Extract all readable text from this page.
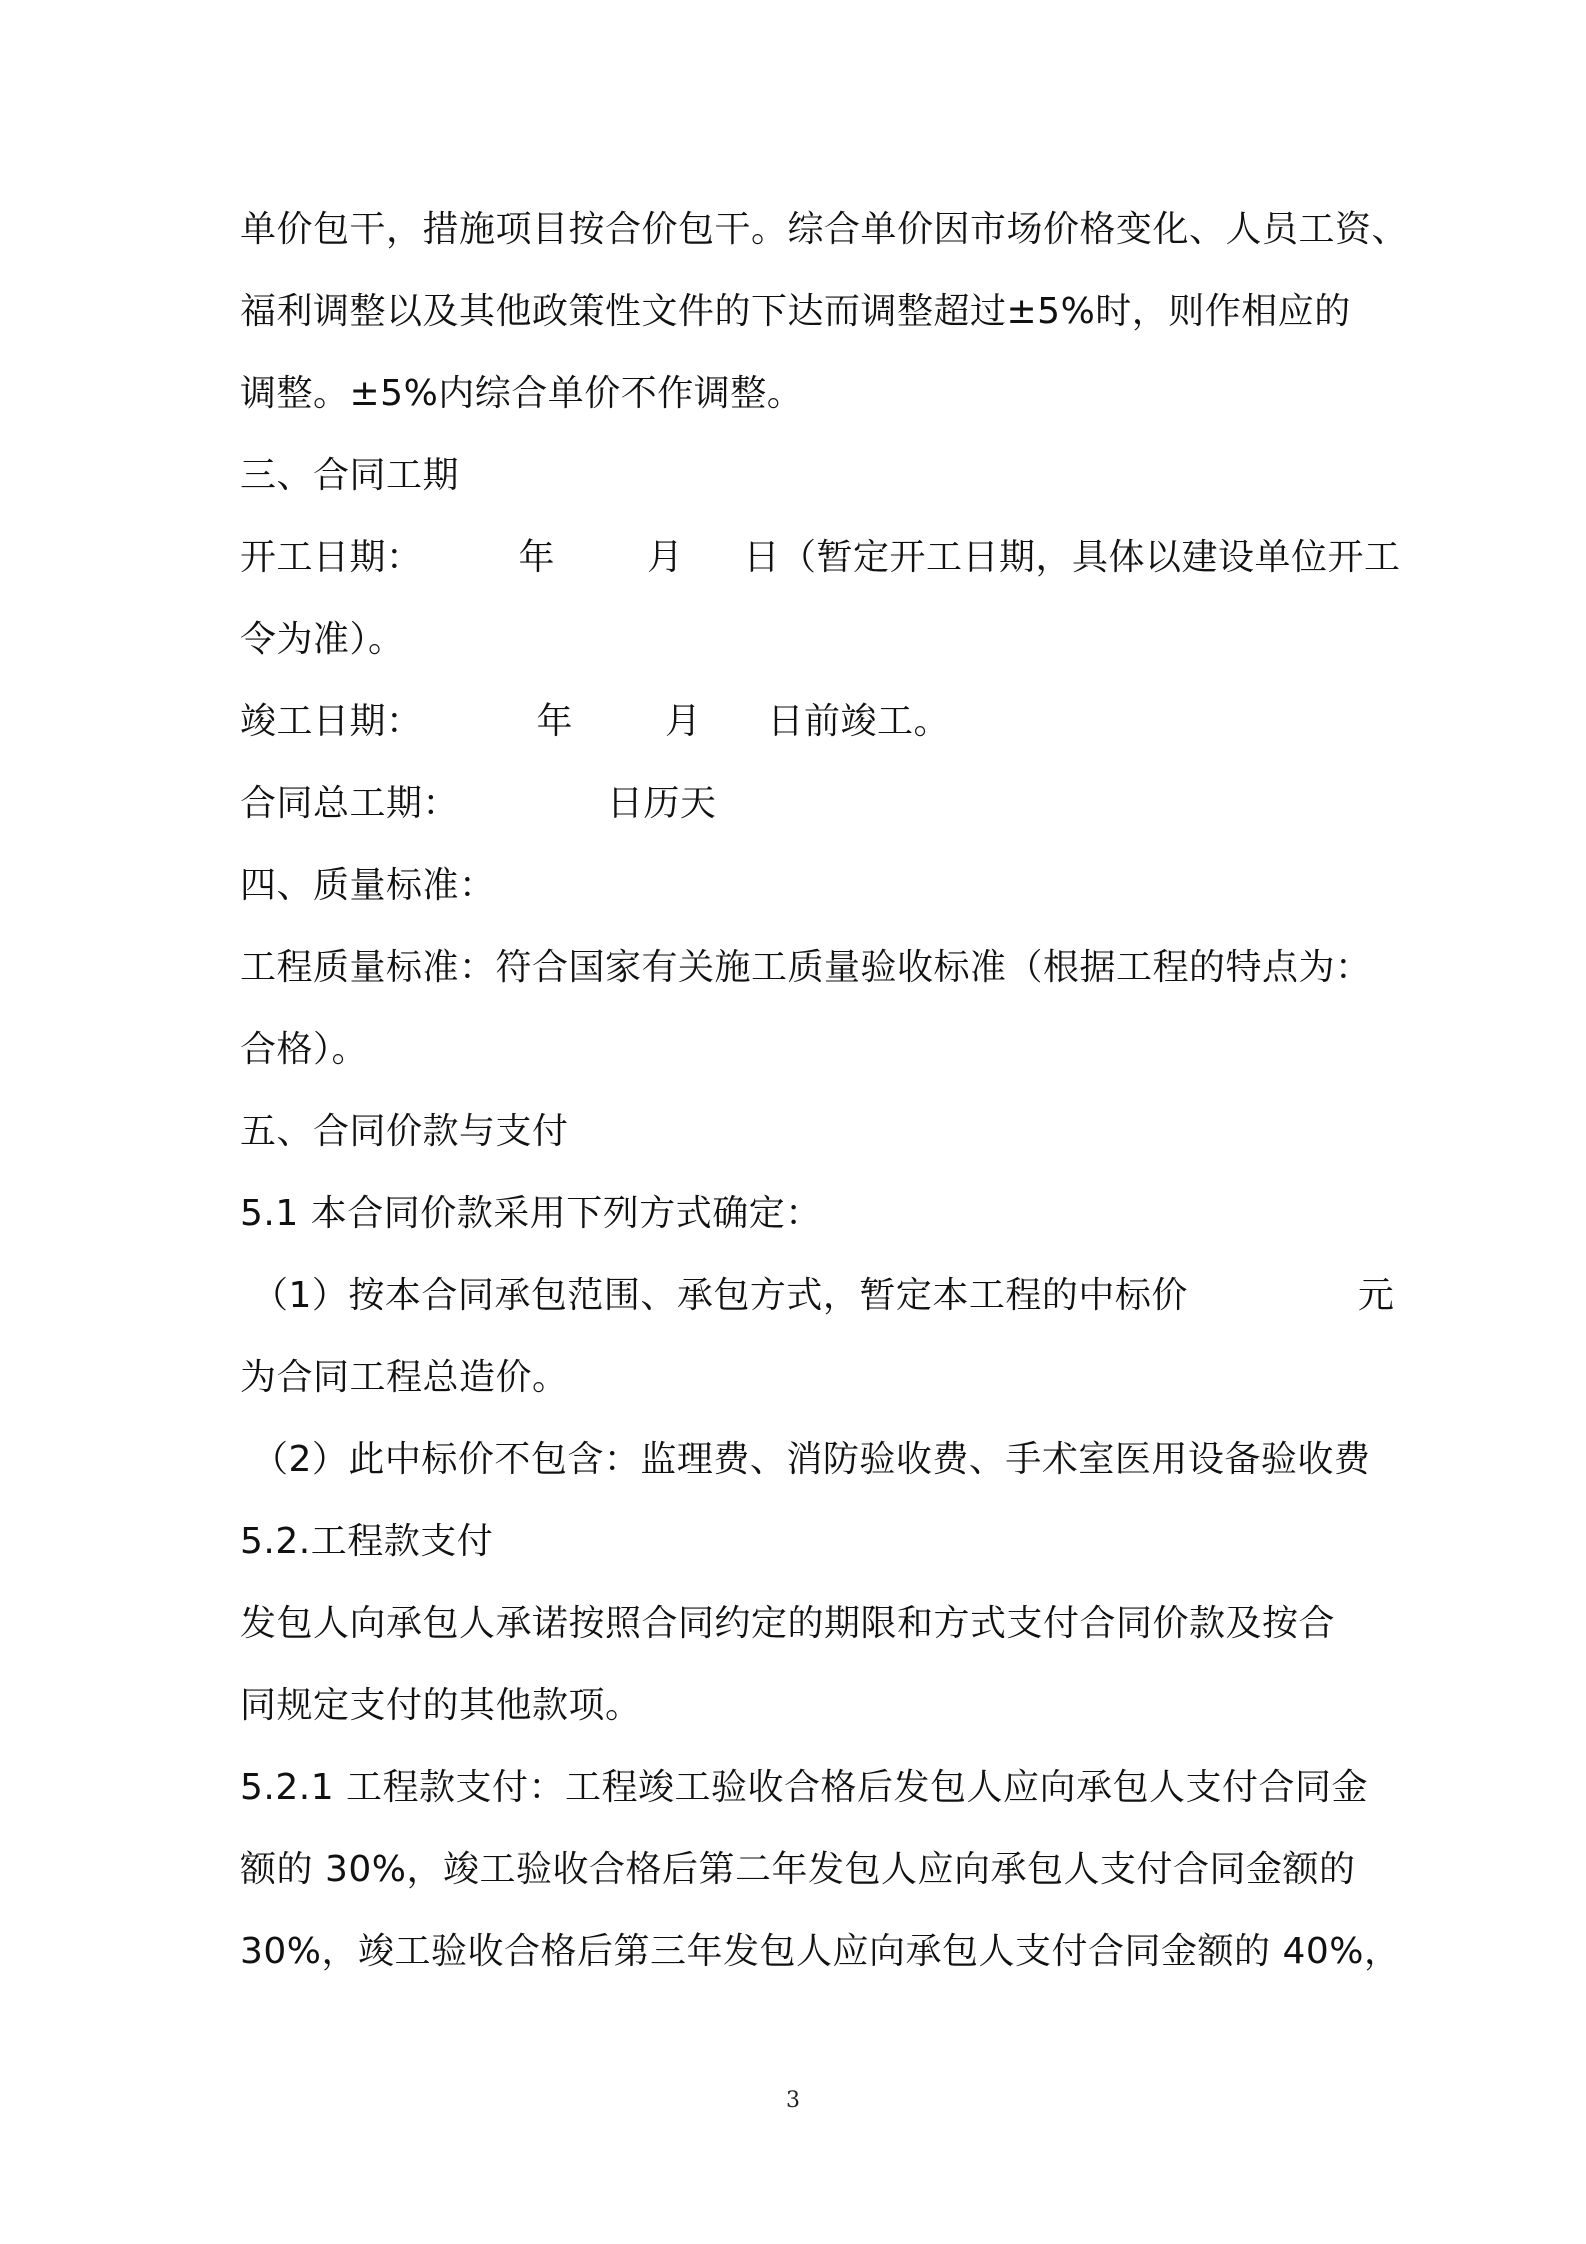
单价包干，措施项目按合价包干。综合单价因市场价格变化、人员工资、
福利调整以及其他政策性文件的下达而调整超过±5%时，则作相应的
调整。±5%内综合单价不作调整。
三、合同工期
开工日期：	年	月 日（暂定开工日期，具体以建设单位开工
令为准）。
竣工日期：	年	月 日前竣工。
合同总工期：	日历天
四、质量标准：
工程质量标准：符合国家有关施工质量验收标准（根据工程的特点为：
合格）。
五、合同价款与支付
5.1 本合同价款采用下列方式确定：
（1）按本合同承包范围、承包方式，暂定本工程的中标价	元
为合同工程总造价。
（2）此中标价不包含：监理费、消防验收费、手术室医用设备验收费
5.2.工程款支付
发包人向承包人承诺按照合同约定的期限和方式支付合同价款及按合
同规定支付的其他款项。
5.2.1 工程款支付：工程竣工验收合格后发包人应向承包人支付合同金
额的 30%，竣工验收合格后第二年发包人应向承包人支付合同金额的
30%，竣工验收合格后第三年发包人应向承包人支付合同金额的 40%，
3
